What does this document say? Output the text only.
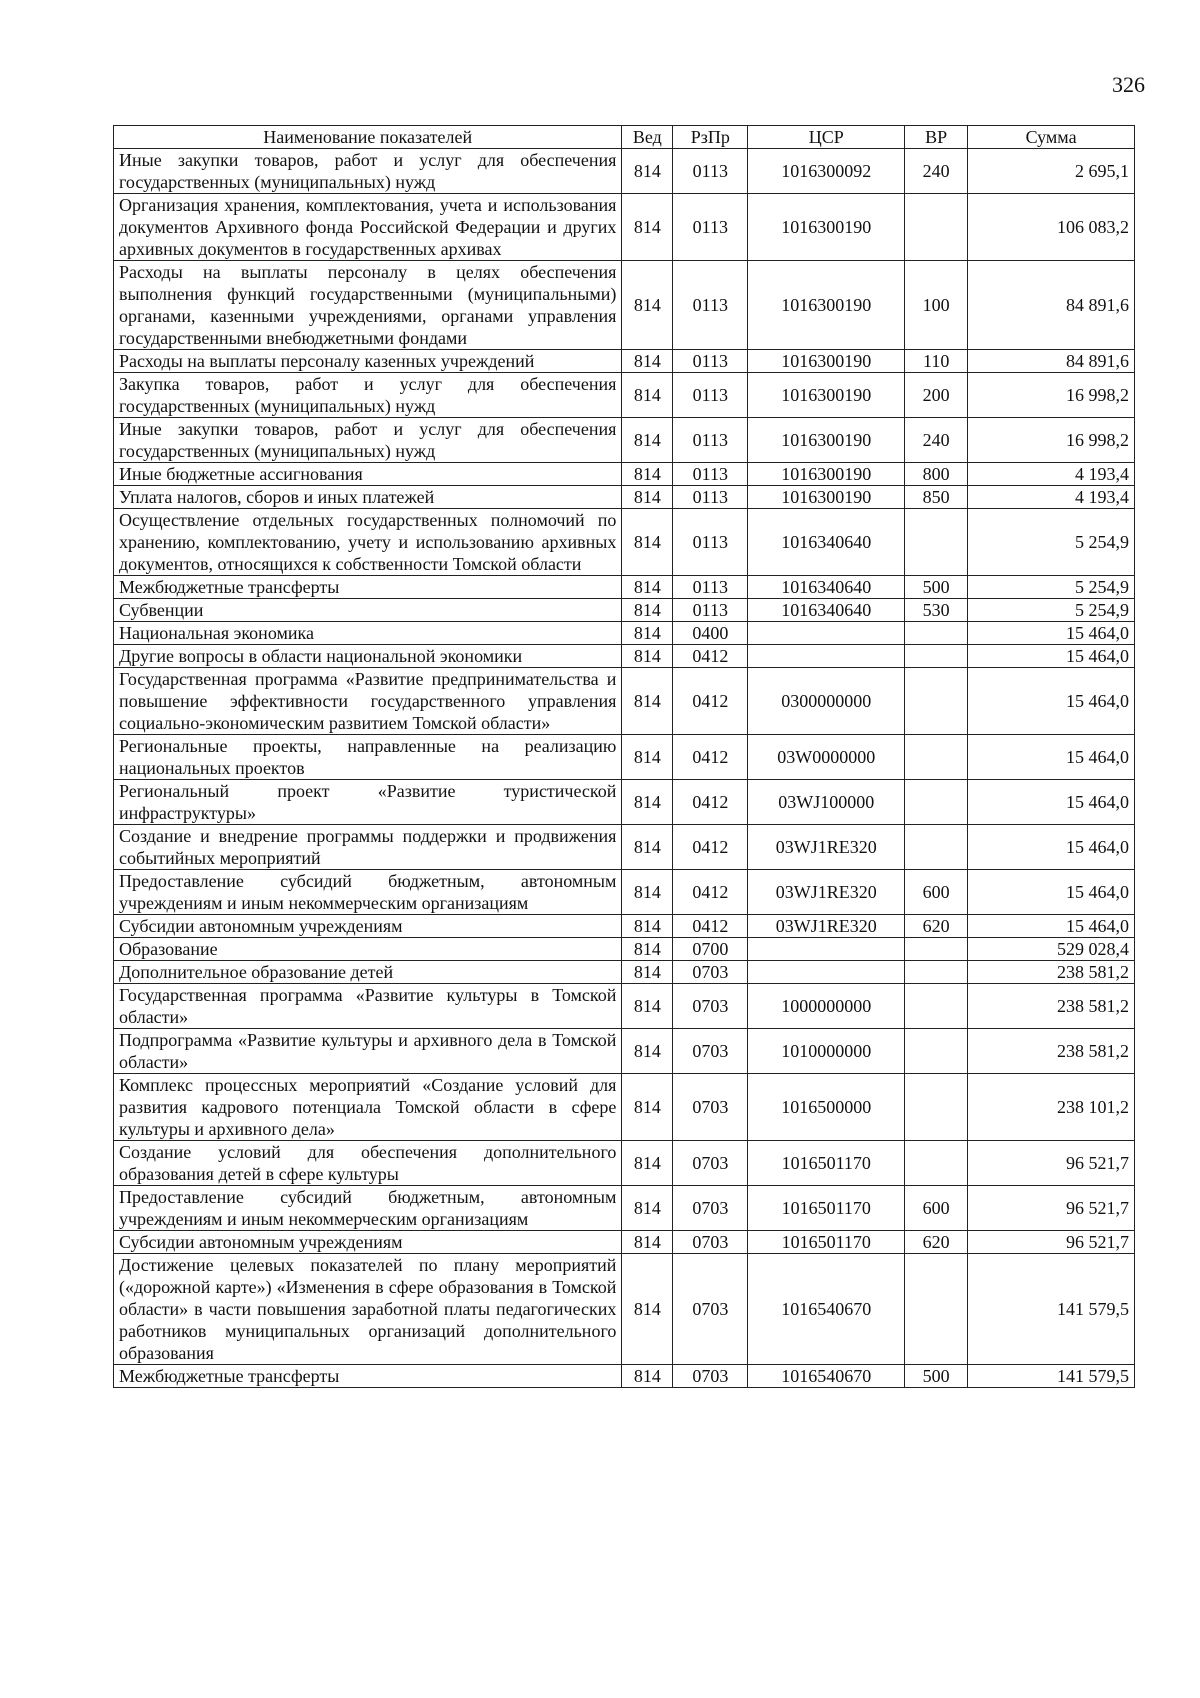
326
Наименование показателей	Вед	РзПр	ЦСР	ВР	Сумма
Иные закупки товаров, работ и услуг для обеспечения государственных (муниципальных) нужд	814	0113	1016300092	240	2 695,1
Организация хранения, комплектования, учета и использования документов Архивного фонда Российской Федерации и других архивных документов в государственных архивах	814	0113	1016300190		106 083,2
Расходы на выплаты персоналу в целях обеспечения выполнения функций государственными (муниципальными) органами, казенными учреждениями, органами управления государственными внебюджетными фондами	814	0113	1016300190	100	84 891,6
Расходы на выплаты персоналу казенных учреждений	814	0113	1016300190	110	84 891,6
Закупка товаров, работ и услуг для обеспечения государственных (муниципальных) нужд	814	0113	1016300190	200	16 998,2
Иные закупки товаров, работ и услуг для обеспечения государственных (муниципальных) нужд	814	0113	1016300190	240	16 998,2
Иные бюджетные ассигнования	814	0113	1016300190	800	4 193,4
Уплата налогов, сборов и иных платежей	814	0113	1016300190	850	4 193,4
Осуществление отдельных государственных полномочий по хранению, комплектованию, учету и использованию архивных документов, относящихся к собственности Томской области	814	0113	1016340640		5 254,9
Межбюджетные трансферты	814	0113	1016340640	500	5 254,9
Субвенции	814	0113	1016340640	530	5 254,9
Национальная экономика	814	0400			15 464,0
Другие вопросы в области национальной экономики	814	0412			15 464,0
Государственная программа «Развитие предпринимательства и повышение эффективности государственного управления социально-экономическим развитием Томской области»	814	0412	0300000000		15 464,0
Региональные проекты, направленные на реализацию национальных проектов	814	0412	03W0000000		15 464,0
Региональный проект «Развитие туристической инфраструктуры»	814	0412	03WJ100000		15 464,0
Создание и внедрение программы поддержки и продвижения событийных мероприятий	814	0412	03WJ1RE320		15 464,0
Предоставление субсидий бюджетным, автономным учреждениям и иным некоммерческим организациям	814	0412	03WJ1RE320	600	15 464,0
Субсидии автономным учреждениям	814	0412	03WJ1RE320	620	15 464,0
Образование	814	0700			529 028,4
Дополнительное образование детей	814	0703			238 581,2
Государственная программа «Развитие культуры в Томской области»	814	0703	1000000000		238 581,2
Подпрограмма «Развитие культуры и архивного дела в Томской области»	814	0703	1010000000		238 581,2
Комплекс процессных мероприятий «Создание условий для развития кадрового потенциала Томской области в сфере культуры и архивного дела»	814	0703	1016500000		238 101,2
Создание условий для обеспечения дополнительного образования детей в сфере культуры	814	0703	1016501170		96 521,7
Предоставление субсидий бюджетным, автономным учреждениям и иным некоммерческим организациям	814	0703	1016501170	600	96 521,7
Субсидии автономным учреждениям	814	0703	1016501170	620	96 521,7
Достижение целевых показателей по плану мероприятий («дорожной карте») «Изменения в сфере образования в Томской области» в части повышения заработной платы педагогических работников муниципальных организаций дополнительного образования	814	0703	1016540670		141 579,5
Межбюджетные трансферты	814	0703	1016540670	500	141 579,5
